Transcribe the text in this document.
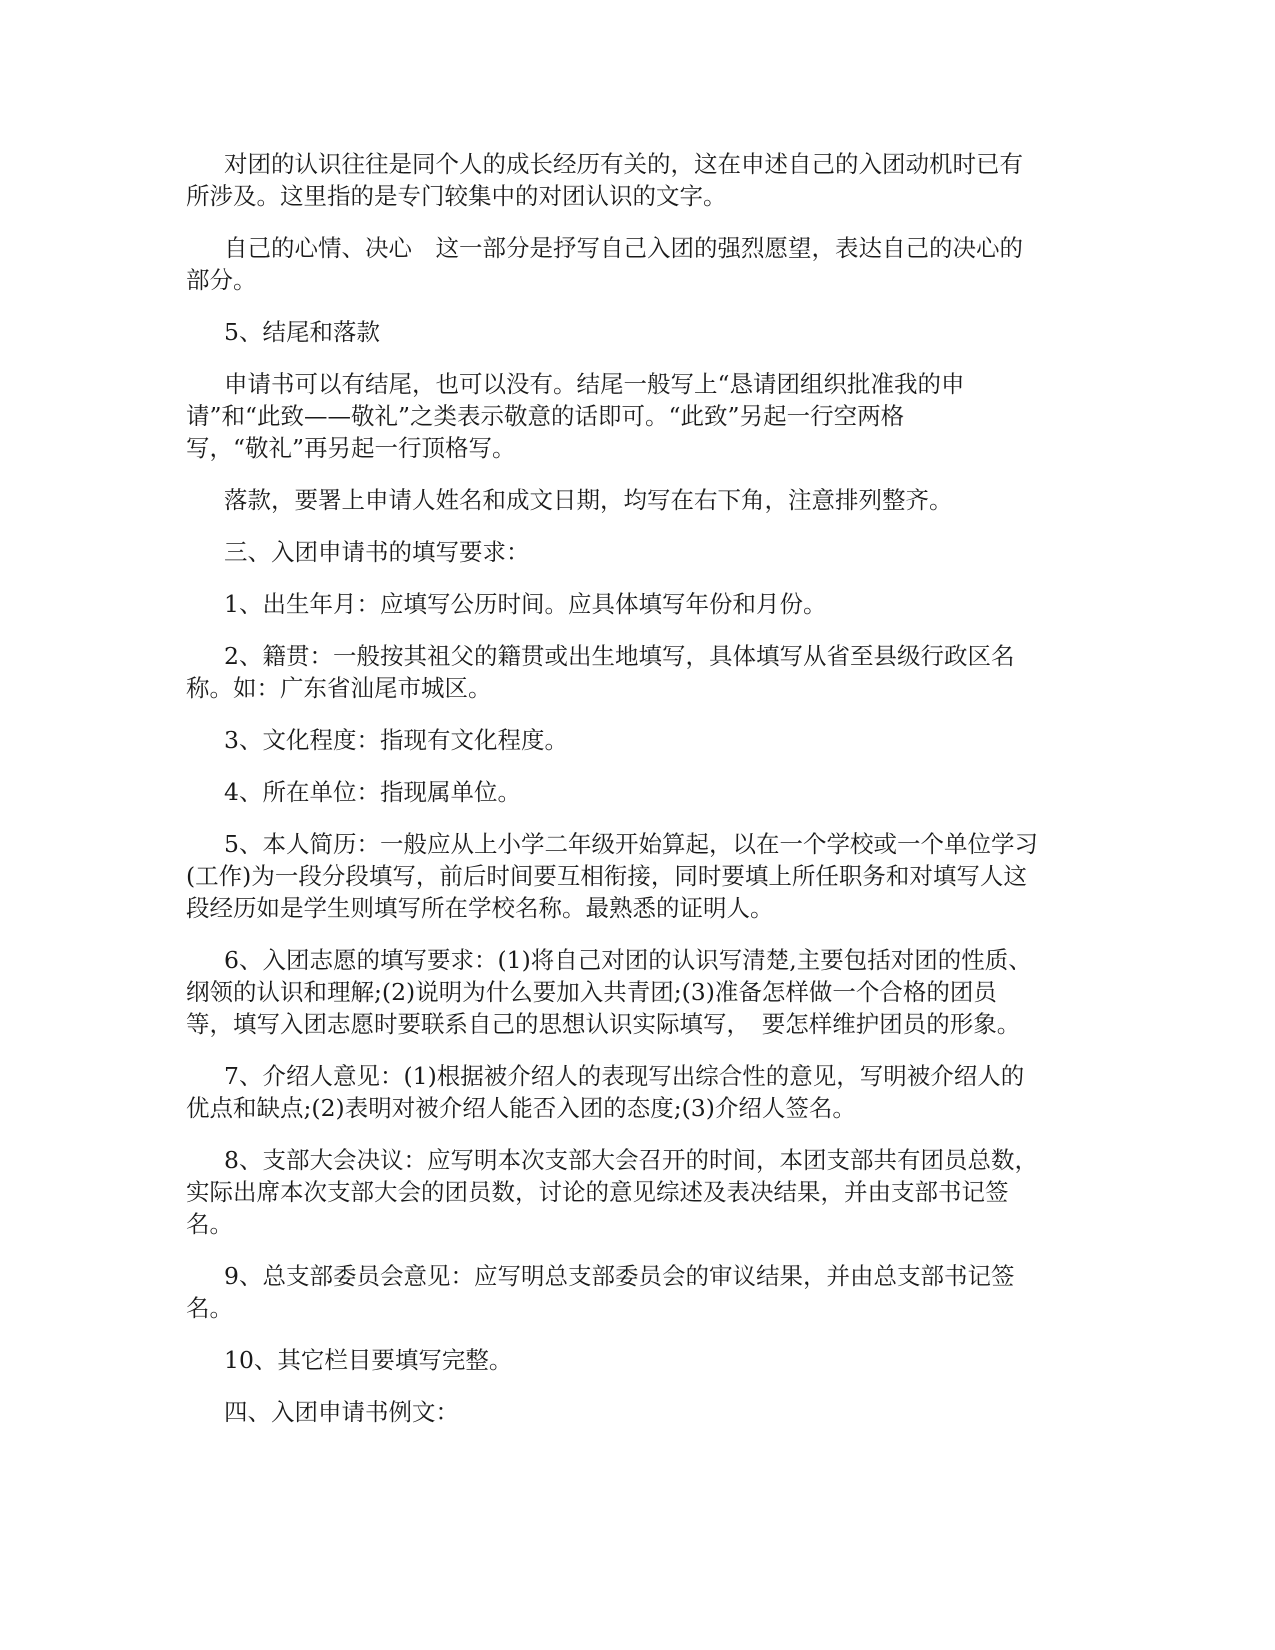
对团的认识往往是同个人的成长经历有关的，这在申述自己的入团动机时已有
所涉及。这里指的是专门较集中的对团认识的文字。

自己的心情、决心　这一部分是抒写自己入团的强烈愿望，表达自己的决心的
部分。

5、结尾和落款

申请书可以有结尾，也可以没有。结尾一般写上“恳请团组织批准我的申
请”和“此致——敬礼”之类表示敬意的话即可。“此致”另起一行空两格
写，“敬礼”再另起一行顶格写。

落款，要署上申请人姓名和成文日期，均写在右下角，注意排列整齐。

三、入团申请书的填写要求：

1、出生年月：应填写公历时间。应具体填写年份和月份。

2、籍贯：一般按其祖父的籍贯或出生地填写，具体填写从省至县级行政区名
称。如：广东省汕尾市城区。

3、文化程度：指现有文化程度。

4、所在单位：指现属单位。

5、本人简历：一般应从上小学二年级开始算起，以在一个学校或一个单位学习
(工作)为一段分段填写，前后时间要互相衔接，同时要填上所任职务和对填写人这
段经历如是学生则填写所在学校名称。最熟悉的证明人。

6、入团志愿的填写要求：(1)将自己对团的认识写清楚,主要包括对团的性质、
纲领的认识和理解;(2)说明为什么要加入共青团;(3)准备怎样做一个合格的团员
等，填写入团志愿时要联系自己的思想认识实际填写，　要怎样维护团员的形象。

7、介绍人意见：(1)根据被介绍人的表现写出综合性的意见，写明被介绍人的
优点和缺点;(2)表明对被介绍人能否入团的态度;(3)介绍人签名。

8、支部大会决议：应写明本次支部大会召开的时间，本团支部共有团员总数，
实际出席本次支部大会的团员数，讨论的意见综述及表决结果，并由支部书记签
名。

9、总支部委员会意见：应写明总支部委员会的审议结果，并由总支部书记签
名。

10、其它栏目要填写完整。

四、入团申请书例文：
